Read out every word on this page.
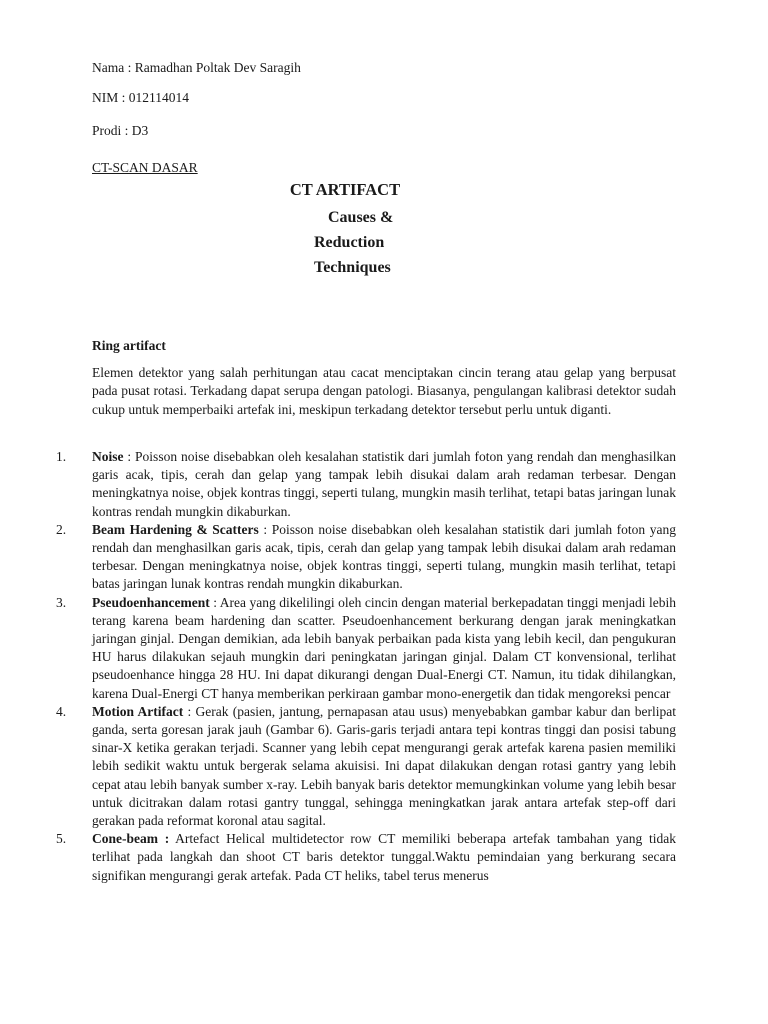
Nama : Ramadhan Poltak Dev Saragih
NIM : 012114014
Prodi : D3
CT-SCAN DASAR
CT ARTIFACT
Causes &
Reduction
Techniques
Ring artifact
Elemen detektor yang salah perhitungan atau cacat menciptakan cincin terang atau gelap yang berpusat pada pusat rotasi. Terkadang dapat serupa dengan patologi. Biasanya, pengulangan kalibrasi detektor sudah cukup untuk memperbaiki artefak ini, meskipun terkadang detektor tersebut perlu untuk diganti.
1. Noise : Poisson noise disebabkan oleh kesalahan statistik dari jumlah foton yang rendah dan menghasilkan garis acak, tipis, cerah dan gelap yang tampak lebih disukai dalam arah redaman terbesar. Dengan meningkatnya noise, objek kontras tinggi, seperti tulang, mungkin masih terlihat, tetapi batas jaringan lunak kontras rendah mungkin dikaburkan.
2. Beam Hardening & Scatters : Poisson noise disebabkan oleh kesalahan statistik dari jumlah foton yang rendah dan menghasilkan garis acak, tipis, cerah dan gelap yang tampak lebih disukai dalam arah redaman terbesar. Dengan meningkatnya noise, objek kontras tinggi, seperti tulang, mungkin masih terlihat, tetapi batas jaringan lunak kontras rendah mungkin dikaburkan.
3. Pseudoenhancement : Area yang dikelilingi oleh cincin dengan material berkepadatan tinggi menjadi lebih terang karena beam hardening dan scatter. Pseudoenhancement berkurang dengan jarak meningkatkan jaringan ginjal. Dengan demikian, ada lebih banyak perbaikan pada kista yang lebih kecil, dan pengukuran HU harus dilakukan sejauh mungkin dari peningkatan jaringan ginjal. Dalam CT konvensional, terlihat pseudoenhance hingga 28 HU. Ini dapat dikurangi dengan Dual-Energi CT. Namun, itu tidak dihilangkan, karena Dual-Energi CT hanya memberikan perkiraan gambar mono-energetik dan tidak mengoreksi pencar
4. Motion Artifact : Gerak (pasien, jantung, pernapasan atau usus) menyebabkan gambar kabur dan berlipat ganda, serta goresan jarak jauh (Gambar 6). Garis-garis terjadi antara tepi kontras tinggi dan posisi tabung sinar-X ketika gerakan terjadi. Scanner yang lebih cepat mengurangi gerak artefak karena pasien memiliki lebih sedikit waktu untuk bergerak selama akuisisi. Ini dapat dilakukan dengan rotasi gantry yang lebih cepat atau lebih banyak sumber x-ray. Lebih banyak baris detektor memungkinkan volume yang lebih besar untuk dicitrakan dalam rotasi gantry tunggal, sehingga meningkatkan jarak antara artefak step-off dari gerakan pada reformat koronal atau sagital.
5. Cone-beam : Artefact Helical multidetector row CT memiliki beberapa artefak tambahan yang tidak terlihat pada langkah dan shoot CT baris detektor tunggal.Waktu pemindaian yang berkurang secara signifikan mengurangi gerak artefak. Pada CT heliks, tabel terus menerus
